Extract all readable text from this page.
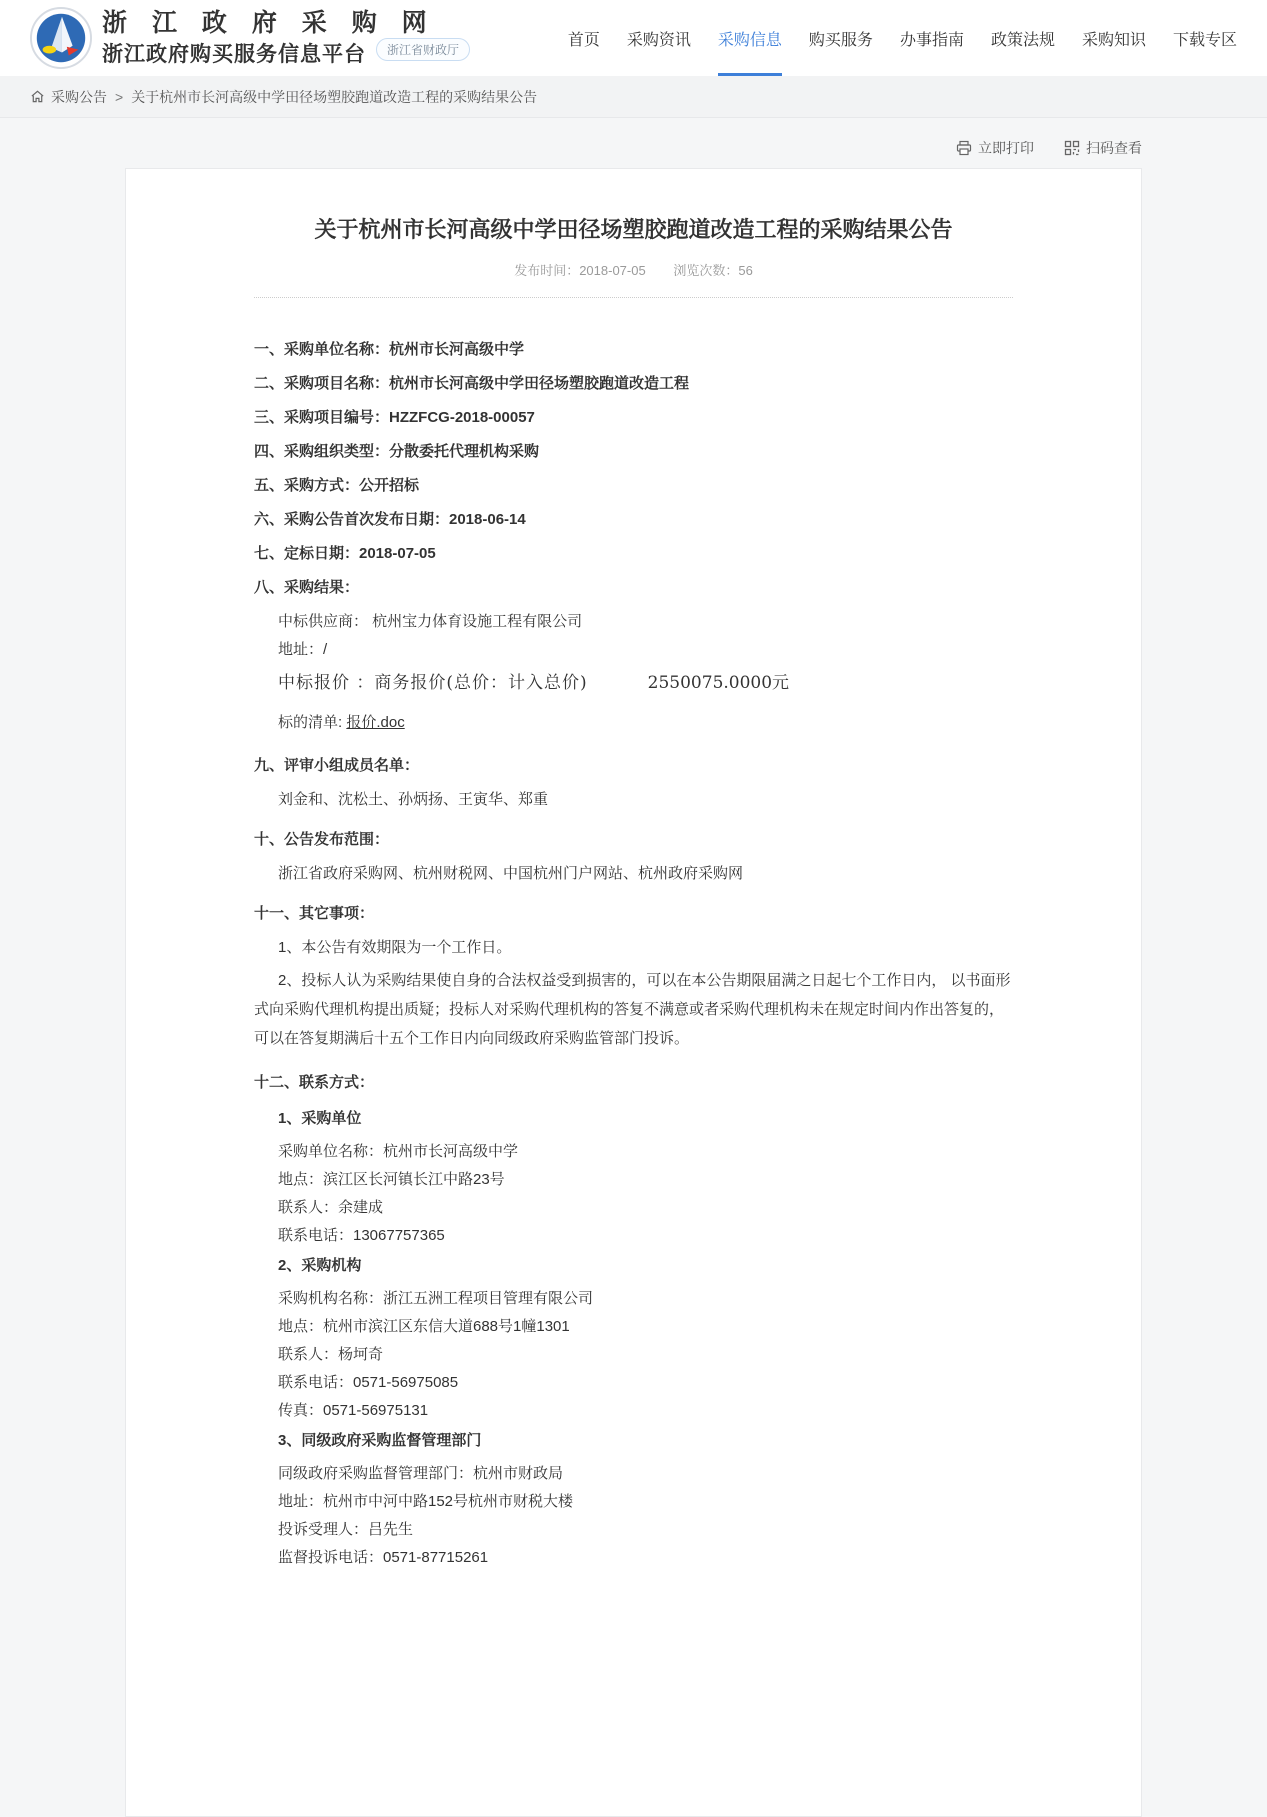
浙 江 政 府 采 购 网
浙江政府购买服务信息平台	浙江省财政厅
首页 采购资讯 采购信息 购买服务 办事指南 政策法规 采购知识 下载专区
采购公告 > 关于杭州市长河高级中学田径场塑胶跑道改造工程的采购结果公告
立即打印	扫码查看
关于杭州市长河高级中学田径场塑胶跑道改造工程的采购结果公告
发布时间：2018-07-05 浏览次数：56
一、采购单位名称：杭州市长河高级中学
二、采购项目名称：杭州市长河高级中学田径场塑胶跑道改造工程
三、采购项目编号：HZZFCG-2018-00057
四、采购组织类型：分散委托代理机构采购
五、采购方式：公开招标
六、采购公告首次发布日期：2018-06-14
七、定标日期：2018-07-05
八、采购结果：
中标供应商： 杭州宝力体育设施工程有限公司
地址：/
中标报价 ： 商务报价(总价：计入总价)	2550075.0000元
标的清单: 报价.doc
九、评审小组成员名单：
刘金和、沈松土、孙炳扬、王寅华、郑重
十、公告发布范围：
浙江省政府采购网、杭州财税网、中国杭州门户网站、杭州政府采购网
十一、其它事项：
1、本公告有效期限为一个工作日。

2、投标人认为采购结果使自身的合法权益受到损害的，可以在本公告期限届满之日起七个工作日内， 以书面形式向采购代理机构提出质疑；投标人对采购代理机构的答复不满意或者采购代理机构未在规定时间内作出答复的， 可以在答复期满后十五个工作日内向同级政府采购监管部门投诉。

十二、联系方式：
1、采购单位
采购单位名称：杭州市长河高级中学
地点：滨江区长河镇长江中路23号
联系人：余建成
联系电话：13067757365
2、采购机构
采购机构名称：浙江五洲工程项目管理有限公司
地点：杭州市滨江区东信大道688号1幢1301
联系人：杨坷奇
联系电话：0571-56975085
传真：0571-56975131
3、同级政府采购监督管理部门
同级政府采购监督管理部门：杭州市财政局
地址：杭州市中河中路152号杭州市财税大楼
投诉受理人：吕先生
监督投诉电话：0571-87715261
